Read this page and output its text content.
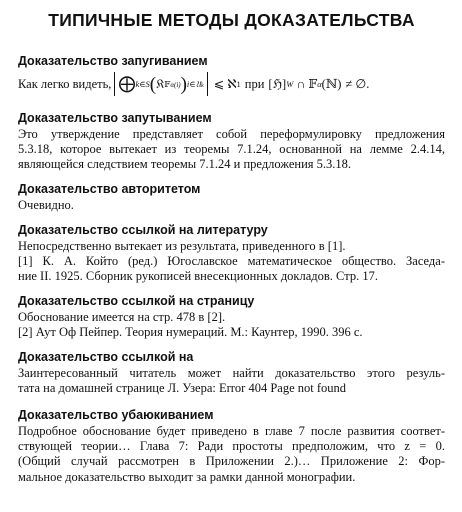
ТИПИЧНЫЕ МЕТОДЫ ДОКАЗАТЕЛЬСТВА
Доказательство запугиванием
Как легко видеть, ⨁ k∈S ( 𝔎 𝔽α(i) ) i∈𝔘k ⩽ ℵ 1 при [ℌ] W ∩ 𝔽 α (ℕ) ≠ ∅.
Доказательство запутыванием
Это утверждение представляет собой переформулировку предложения
5.3.18, которое вытекает из теоремы 7.1.24, основанной на лемме 2.4.14,
являющейся следствием теоремы 7.1.24 и предложения 5.3.18.
Доказательство авторитетом
Очевидно.
Доказательство ссылкой на литературу
Непосредственно вытекает из результата, приведенного в [1].
[1] К. А. Който (ред.) Югославское математическое общество. Заседа-
ние II. 1925. Сборник рукописей внесекционных докладов. Стр. 17.
Доказательство ссылкой на страницу
Обоснование имеется на стр. 478 в [2].
[2] Аут Оф Пейпер. Теория нумераций. М.: Каунтер, 1990. 396 с.
Доказательство ссылкой на
Заинтересованный читатель может найти доказательство этого резуль-
тата на домашней странице Л. Узера: Error 404 Page not found
Доказательство убаюкиванием
Подробное обоснование будет приведено в главе 7 после развития соответ-
ствующей теории… Глава 7: Ради простоты предположим, что z = 0.
(Общий случай рассмотрен в Приложении 2.)… Приложение 2: Фор-
мальное доказательство выходит за рамки данной монографии.
